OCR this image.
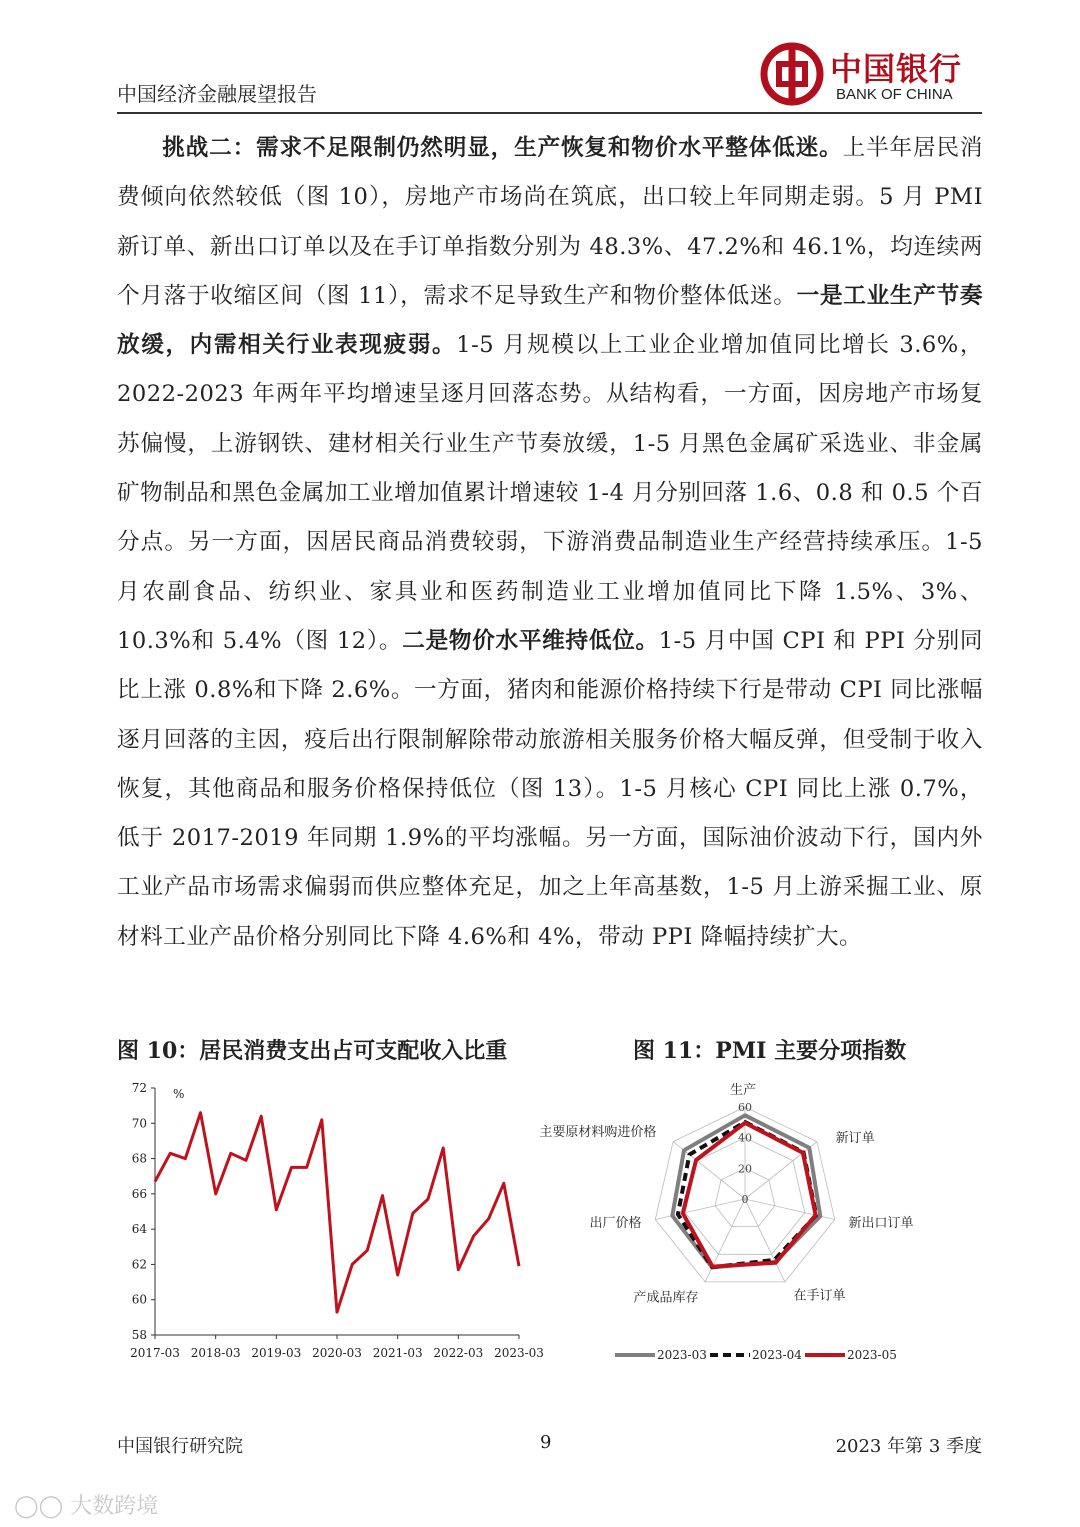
中国经济金融展望报告
中国银行
BANK OF CHINA

挑战二：需求不足限制仍然明显，生产恢复和物价水平整体低迷。上半年居民消费倾向依然较低（图 10），房地产市场尚在筑底，出口较上年同期走弱。5 月 PMI 新订单、新出口订单以及在手订单指数分别为 48.3%、47.2%和 46.1%，均连续两个月落于收缩区间（图 11），需求不足导致生产和物价整体低迷。一是工业生产节奏放缓，内需相关行业表现疲弱。1-5 月规模以上工业企业增加值同比增长 3.6%，2022-2023 年两年平均增速呈逐月回落态势。从结构看，一方面，因房地产市场复苏偏慢，上游钢铁、建材相关行业生产节奏放缓，1-5 月黑色金属矿采选业、非金属矿物制品和黑色金属加工业增加值累计增速较 1-4 月分别回落 1.6、0.8 和 0.5 个百分点。另一方面，因居民商品消费较弱，下游消费品制造业生产经营持续承压。1-5 月农副食品、纺织业、家具业和医药制造业工业增加值同比下降 1.5%、3%、10.3%和 5.4%（图 12）。二是物价水平维持低位。1-5 月中国 CPI 和 PPI 分别同比上涨 0.8%和下降 2.6%。一方面，猪肉和能源价格持续下行是带动 CPI 同比涨幅逐月回落的主因，疫后出行限制解除带动旅游相关服务价格大幅反弹，但受制于收入恢复，其他商品和服务价格保持低位（图 13）。1-5 月核心 CPI 同比上涨 0.7%，低于 2017-2019 年同期 1.9%的平均涨幅。另一方面，国际油价波动下行，国内外工业产品市场需求偏弱而供应整体充足，加之上年高基数，1-5 月上游采掘工业、原材料工业产品价格分别同比下降 4.6%和 4%，带动 PPI 降幅持续扩大。

图 10：居民消费支出占可支配收入比重	图 11：PMI 主要分项指数
58
60
62
64
66
68
70
72 %
2017-03 2018-03 2019-03 2020-03 2021-03 2022-03 2023-03
0
20
40
60
生产
新订单
新出口订单
在手订单
产成品库存
出厂价格
主要原材料购进价格
2023-03	2023-04	2023-05
中国银行研究院	9	2023 年第 3 季度
◯◯ 大数跨境
